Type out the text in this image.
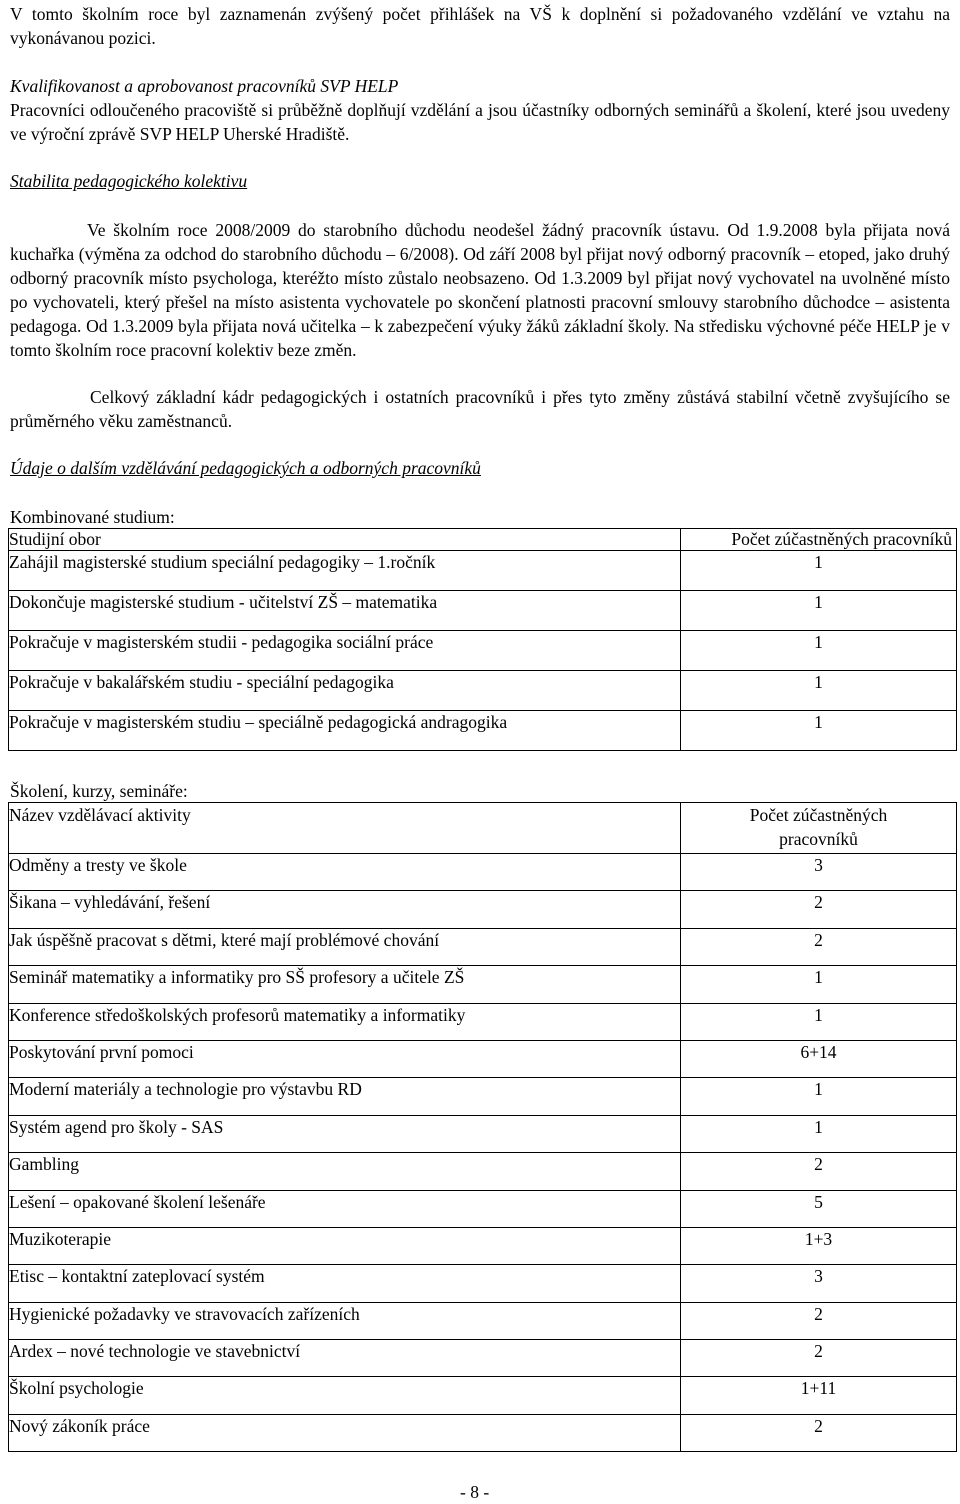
V tomto školním roce byl zaznamenán zvýšený počet přihlášek na VŠ k doplnění si požadovaného vzdělání ve vztahu na vykonávanou pozici.

Kvalifikovanost a aprobovanost pracovníků SVP HELP

Pracovníci odloučeného pracoviště si průběžně doplňují vzdělání a jsou účastníky odborných seminářů a školení, které jsou uvedeny ve výroční zprávě SVP HELP Uherské Hradiště.

Stabilita pedagogického kolektivu

Ve školním roce 2008/2009 do starobního důchodu neodešel žádný pracovník ústavu. Od 1.9.2008 byla přijata nová kuchařka (výměna za odchod do starobního důchodu – 6/2008). Od září 2008 byl přijat nový odborný pracovník – etoped, jako druhý odborný pracovník místo psychologa, kteréžto místo zůstalo neobsazeno. Od 1.3.2009 byl přijat nový vychovatel na uvolněné místo po vychovateli, který přešel na místo asistenta vychovatele po skončení platnosti pracovní smlouvy starobního důchodce – asistenta pedagoga. Od 1.3.2009 byla přijata nová učitelka – k zabezpečení výuky žáků základní školy. Na středisku výchovné péče HELP je v tomto školním roce pracovní kolektiv beze změn.

Celkový základní kádr pedagogických i ostatních pracovníků i přes tyto změny zůstává stabilní včetně zvyšujícího se průměrného věku zaměstnanců.

Údaje o dalším vzdělávání pedagogických a odborných pracovníků

Kombinované studium:

Studijní obor	Počet zúčastněných pracovníků
Zahájil magisterské studium speciální pedagogiky – 1.ročník	1
Dokončuje magisterské studium - učitelství ZŠ – matematika	1
Pokračuje v magisterském studii - pedagogika sociální práce	1
Pokračuje v bakalářském studiu - speciální pedagogika	1
Pokračuje v magisterském studiu – speciálně pedagogická andragogika	1

Školení, kurzy, semináře:

Název vzdělávací aktivity	Počet zúčastněných pracovníků
Odměny a tresty ve škole	3
Šikana – vyhledávání, řešení	2
Jak úspěšně pracovat s dětmi, které mají problémové chování	2
Seminář matematiky a informatiky pro SŠ profesory a učitele ZŠ	1
Konference středoškolských profesorů matematiky a informatiky	1
Poskytování první pomoci	6+14
Moderní materiály a technologie pro výstavbu RD	1
Systém agend pro školy - SAS	1
Gambling	2
Lešení – opakované školení lešenáře	5
Muzikoterapie	1+3
Etisc – kontaktní zateplovací systém	3
Hygienické požadavky ve stravovacích zařízeních	2
Ardex – nové technologie ve stavebnictví	2
Školní psychologie	1+11
Nový zákoník práce	2

- 8 -
